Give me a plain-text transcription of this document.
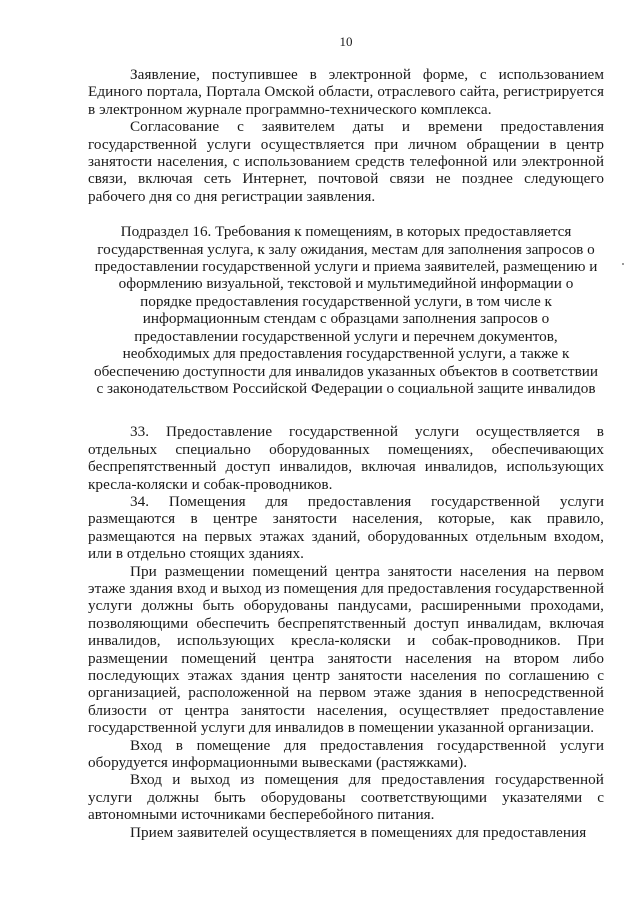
10

Заявление, поступившее в электронной форме, с использованием Единого портала, Портала Омской области, отраслевого сайта, регистрируется в электронном журнале программно-технического комплекса.

Согласование с заявителем даты и времени предоставления государственной услуги осуществляется при личном обращении в центр занятости населения, с использованием средств телефонной или электронной связи, включая сеть Интернет, почтовой связи не позднее следующего рабочего дня со дня регистрации заявления.

Подраздел 16. Требования к помещениям, в которых предоставляется
государственная услуга, к залу ожидания, местам для заполнения запросов о
предоставлении государственной услуги и приема заявителей, размещению и
оформлению визуальной, текстовой и мультимедийной информации о
порядке предоставления государственной услуги, в том числе к
информационным стендам с образцами заполнения запросов о
предоставлении государственной услуги и перечнем документов,
необходимых для предоставления государственной услуги, а также к
обеспечению доступности для инвалидов указанных объектов в соответствии
с законодательством Российской Федерации о социальной защите инвалидов

33. Предоставление государственной услуги осуществляется в отдельных специально оборудованных помещениях, обеспечивающих беспрепятственный доступ инвалидов, включая инвалидов, использующих кресла-коляски и собак-проводников.

34. Помещения для предоставления государственной услуги размещаются в центре занятости населения, которые, как правило, размещаются на первых этажах зданий, оборудованных отдельным входом, или в отдельно стоящих зданиях.

При размещении помещений центра занятости населения на первом этаже здания вход и выход из помещения для предоставления государственной услуги должны быть оборудованы пандусами, расширенными проходами, позволяющими обеспечить беспрепятственный доступ инвалидам, включая инвалидов, использующих кресла-коляски и собак-проводников. При размещении помещений центра занятости населения на втором либо последующих этажах здания центр занятости населения по соглашению с организацией, расположенной на первом этаже здания в непосредственной близости от центра занятости населения, осуществляет предоставление государственной услуги для инвалидов в помещении указанной организации.

Вход в помещение для предоставления государственной услуги оборудуется информационными вывесками (растяжками).

Вход и выход из помещения для предоставления государственной услуги должны быть оборудованы соответствующими указателями с автономными источниками бесперебойного питания.

Прием заявителей осуществляется в помещениях для предоставления
